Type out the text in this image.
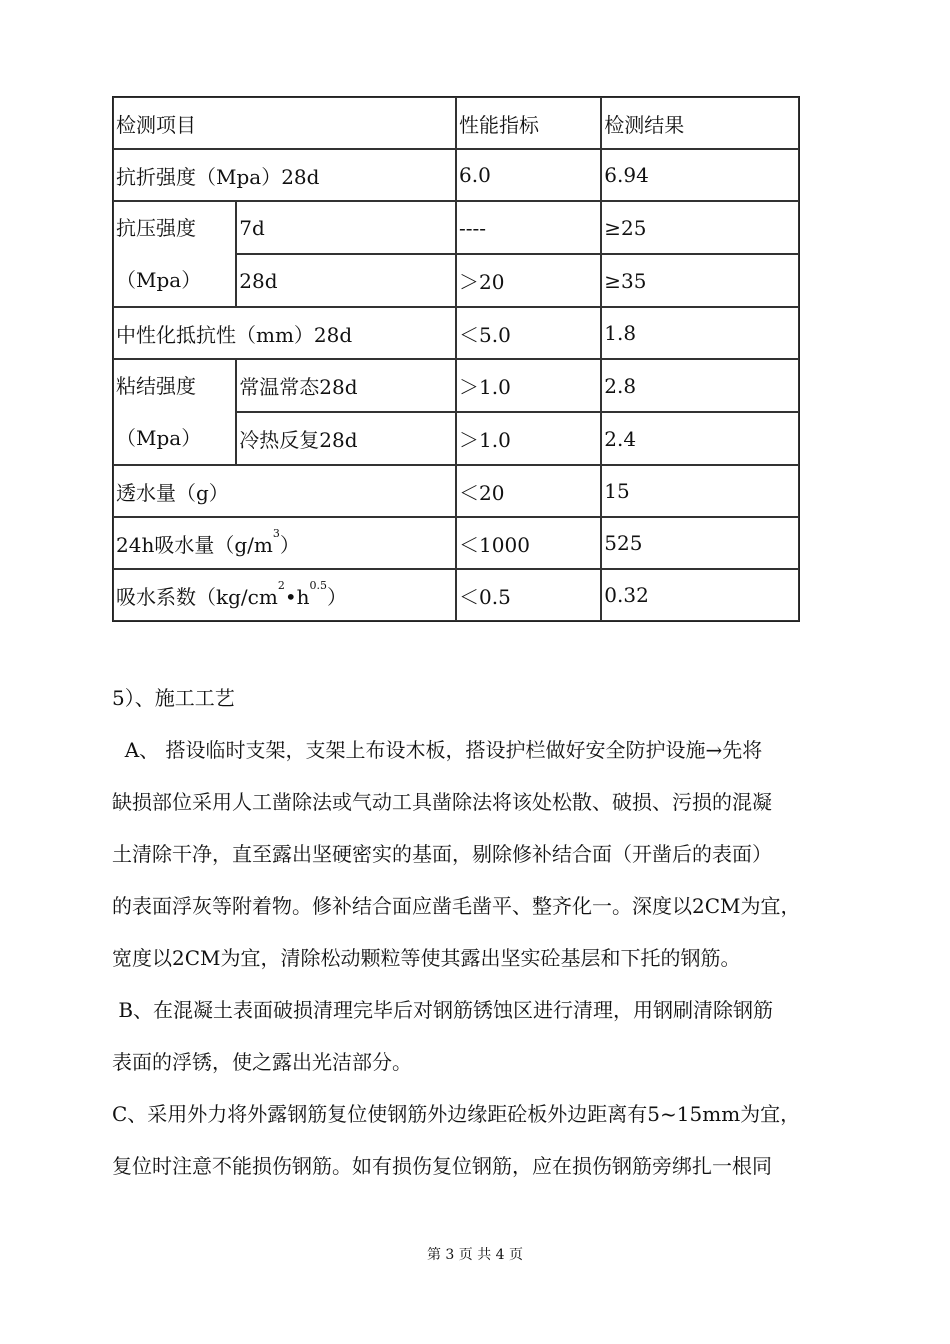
检测项目		性能指标	检测结果
抗折强度（Mpa）28d		6.0	6.94

抗压强度
（Mpa）	7d	----	≥25
	28d	＞20	≥35
中性化抵抗性（mm）28d		＜5.0	1.8

粘结强度
（Mpa）	常温常态28d	＞1.0	2.8
	冷热反复28d	＞1.0	2.4
透水量（g）		＜20	15
24h吸水量$(g/m^3)$		＜1000	525
吸水系数$(kg/cm^2•h^{0.5})$		＜0.5	0.32

5）、施工工艺

A、 搭设临时支架，支架上布设木板，搭设护栏做好安全防护设施→先将

缺损部位采用人工凿除法或气动工具凿除法将该处松散、破损、污损的混凝

土清除干净，直至露出坚硬密实的基面，剔除修补结合面（开凿后的表面）

的表面浮灰等附着物。修补结合面应凿毛凿平、整齐化一。深度以2CM为宜，

宽度以2CM为宜，清除松动颗粒等使其露出坚实砼基层和下托的钢筋。

B、在混凝土表面破损清理完毕后对钢筋锈蚀区进行清理，用钢刷清除钢筋

表面的浮锈，使之露出光洁部分。

C、采用外力将外露钢筋复位使钢筋外边缘距砼板外边距离有5~15mm为宜，

复位时注意不能损伤钢筋。如有损伤复位钢筋，应在损伤钢筋旁绑扎一根同

第 3 页 共 4 页
